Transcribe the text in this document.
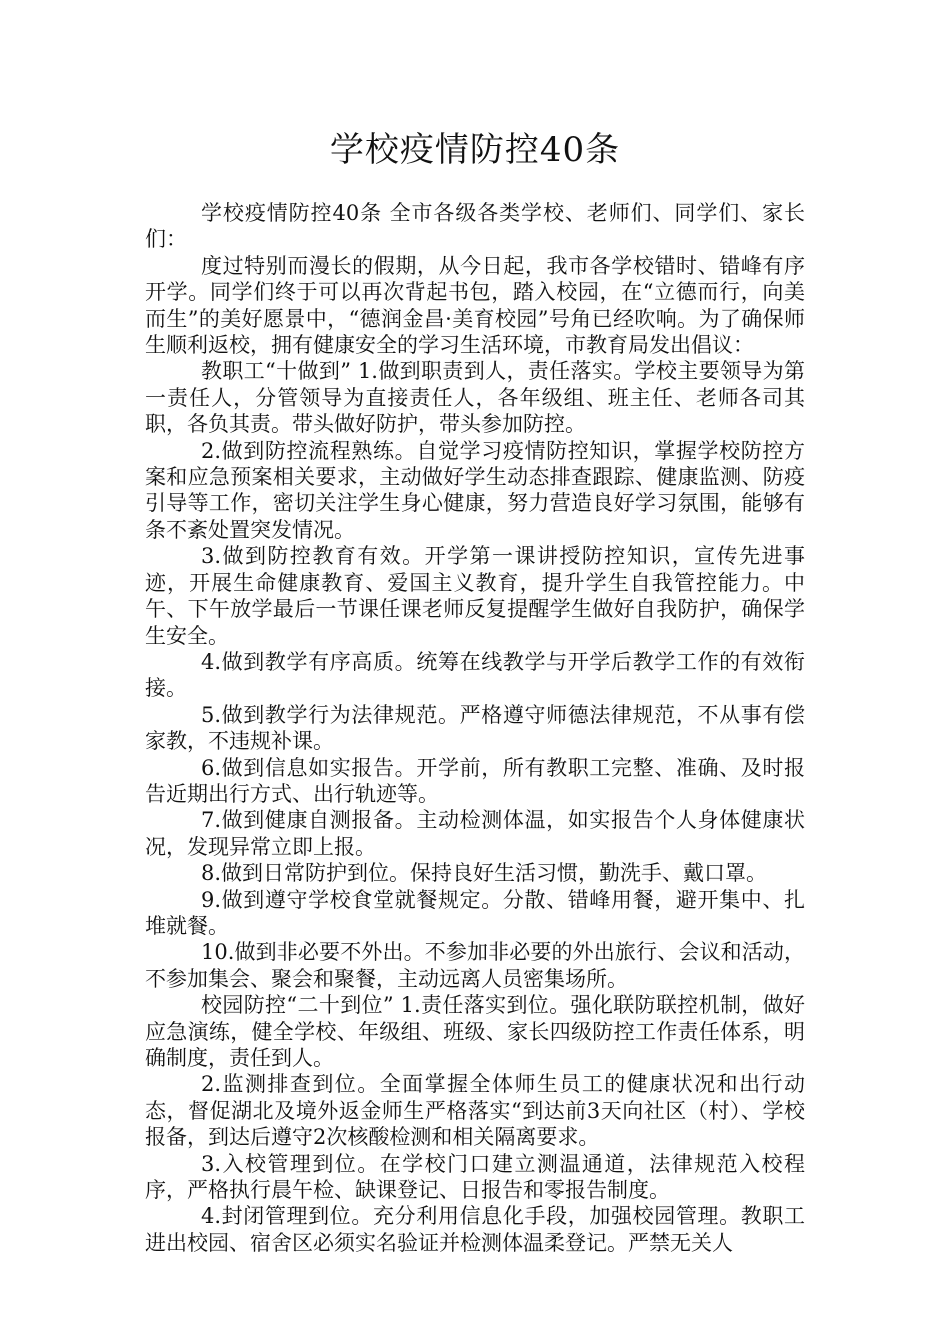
学校疫情防控40条

学校疫情防控40条 全市各级各类学校、老师们、同学们、家长们：

度过特别而漫长的假期，从今日起，我市各学校错时、错峰有序开学。同学们终于可以再次背起书包，踏入校园，在“立德而行，向美而生”的美好愿景中，“德润金昌·美育校园”号角已经吹响。为了确保师生顺利返校，拥有健康安全的学习生活环境，市教育局发出倡议：

教职工“十做到” 1.做到职责到人，责任落实。学校主要领导为第一责任人，分管领导为直接责任人，各年级组、班主任、老师各司其职，各负其责。带头做好防护，带头参加防控。

2.做到防控流程熟练。自觉学习疫情防控知识，掌握学校防控方案和应急预案相关要求，主动做好学生动态排查跟踪、健康监测、防疫引导等工作，密切关注学生身心健康，努力营造良好学习氛围，能够有条不紊处置突发情况。

3.做到防控教育有效。开学第一课讲授防控知识，宣传先进事迹，开展生命健康教育、爱国主义教育，提升学生自我管控能力。中午、下午放学最后一节课任课老师反复提醒学生做好自我防护，确保学生安全。

4.做到教学有序高质。统筹在线教学与开学后教学工作的有效衔接。

5.做到教学行为法律规范。严格遵守师德法律规范，不从事有偿家教，不违规补课。

6.做到信息如实报告。开学前，所有教职工完整、准确、及时报告近期出行方式、出行轨迹等。

7.做到健康自测报备。主动检测体温，如实报告个人身体健康状况，发现异常立即上报。

8.做到日常防护到位。保持良好生活习惯，勤洗手、戴口罩。

9.做到遵守学校食堂就餐规定。分散、错峰用餐，避开集中、扎堆就餐。

10.做到非必要不外出。不参加非必要的外出旅行、会议和活动，不参加集会、聚会和聚餐，主动远离人员密集场所。

校园防控“二十到位” 1.责任落实到位。强化联防联控机制，做好应急演练，健全学校、年级组、班级、家长四级防控工作责任体系，明确制度，责任到人。

2.监测排查到位。全面掌握全体师生员工的健康状况和出行动态，督促湖北及境外返金师生严格落实“到达前3天向社区（村）、学校报备，到达后遵守2次核酸检测和相关隔离要求。

3.入校管理到位。在学校门口建立测温通道，法律规范入校程序，严格执行晨午检、缺课登记、日报告和零报告制度。

4.封闭管理到位。充分利用信息化手段，加强校园管理。教职工进出校园、宿舍区必须实名验证并检测体温柔登记。严禁无关人
